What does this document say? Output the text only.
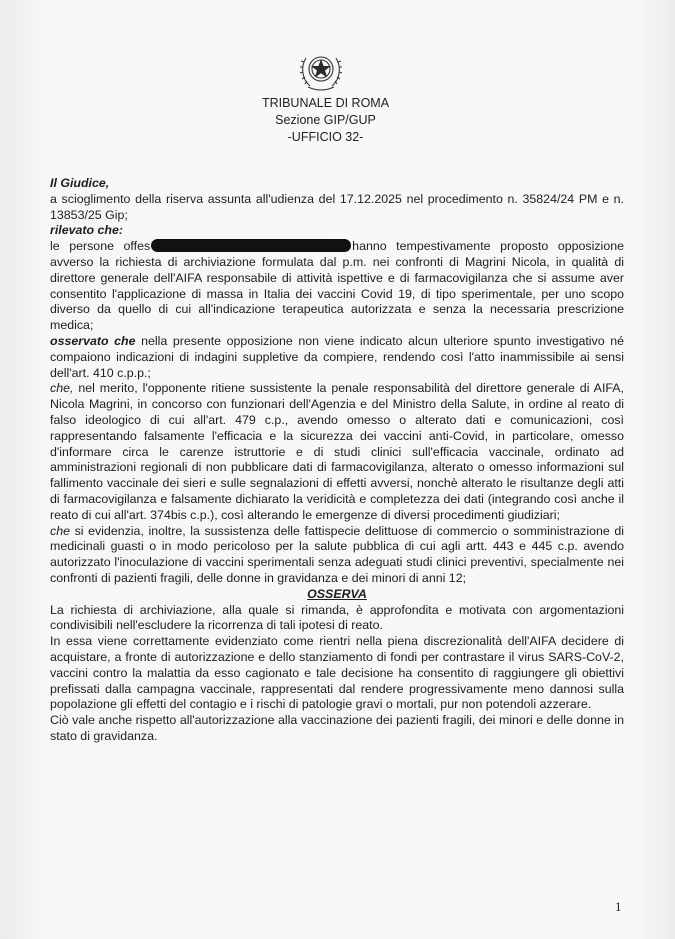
TRIBUNALE DI ROMA
Sezione GIP/GUP
-UFFICIO 32-

Il Giudice,

a scioglimento della riserva assunta all'udienza del 17.12.2025 nel procedimento n. 35824/24 PM e n. 13853/25 Gip;

rilevato che:

le persone offes	hanno tempestivamente proposto opposizione avverso la richiesta di archiviazione formulata dal p.m. nei confronti di Magrini Nicola, in qualità di direttore generale dell'AIFA responsabile di attività ispettive e di farmacovigilanza che si assume aver consentito l'applicazione di massa in Italia dei vaccini Covid 19, di tipo sperimentale, per uno scopo diverso da quello di cui all'indicazione terapeutica autorizzata e senza la necessaria prescrizione medica;

osservato che nella presente opposizione non viene indicato alcun ulteriore spunto investigativo né compaiono indicazioni di indagini suppletive da compiere, rendendo così l'atto inammissibile ai sensi dell'art. 410 c.p.p.;

che, nel merito, l'opponente ritiene sussistente la penale responsabilità del direttore generale di AIFA, Nicola Magrini, in concorso con funzionari dell'Agenzia e del Ministro della Salute, in ordine al reato di falso ideologico di cui all'art. 479 c.p., avendo omesso o alterato dati e comunicazioni, così rappresentando falsamente l'efficacia e la sicurezza dei vaccini anti-Covid, in particolare, omesso d'informare circa le carenze istruttorie e di studi clinici sull'efficacia vaccinale, ordinato ad amministrazioni regionali di non pubblicare dati di farmacovigilanza, alterato o omesso informazioni sul fallimento vaccinale dei sieri e sulle segnalazioni di effetti avversi, nonchè alterato le risultanze degli atti di farmacovigilanza e falsamente dichiarato la veridicità e completezza dei dati (integrando così anche il reato di cui all'art. 374bis c.p.), così alterando le emergenze di diversi procedimenti giudiziari;

che si evidenzia, inoltre, la sussistenza delle fattispecie delittuose di commercio o somministrazione di medicinali guasti o in modo pericoloso per la salute pubblica di cui agli artt. 443 e 445 c.p. avendo autorizzato l'inoculazione di vaccini sperimentali senza adeguati studi clinici preventivi, specialmente nei confronti di pazienti fragili, delle donne in gravidanza e dei minori di anni 12;

OSSERVA

La richiesta di archiviazione, alla quale si rimanda, è approfondita e motivata con argomentazioni condivisibili nell'escludere la ricorrenza di tali ipotesi di reato.

In essa viene correttamente evidenziato come rientri nella piena discrezionalità dell'AIFA decidere di acquistare, a fronte di autorizzazione e dello stanziamento di fondi per contrastare il virus SARS-CoV-2, vaccini contro la malattia da esso cagionato e tale decisione ha consentito di raggiungere gli obiettivi prefissati dalla campagna vaccinale, rappresentati dal rendere progressivamente meno dannosi sulla popolazione gli effetti del contagio e i rischi di patologie gravi o mortali, pur non potendoli azzerare.

Ciò vale anche rispetto all'autorizzazione alla vaccinazione dei pazienti fragili, dei minori e delle donne in stato di gravidanza.

1
